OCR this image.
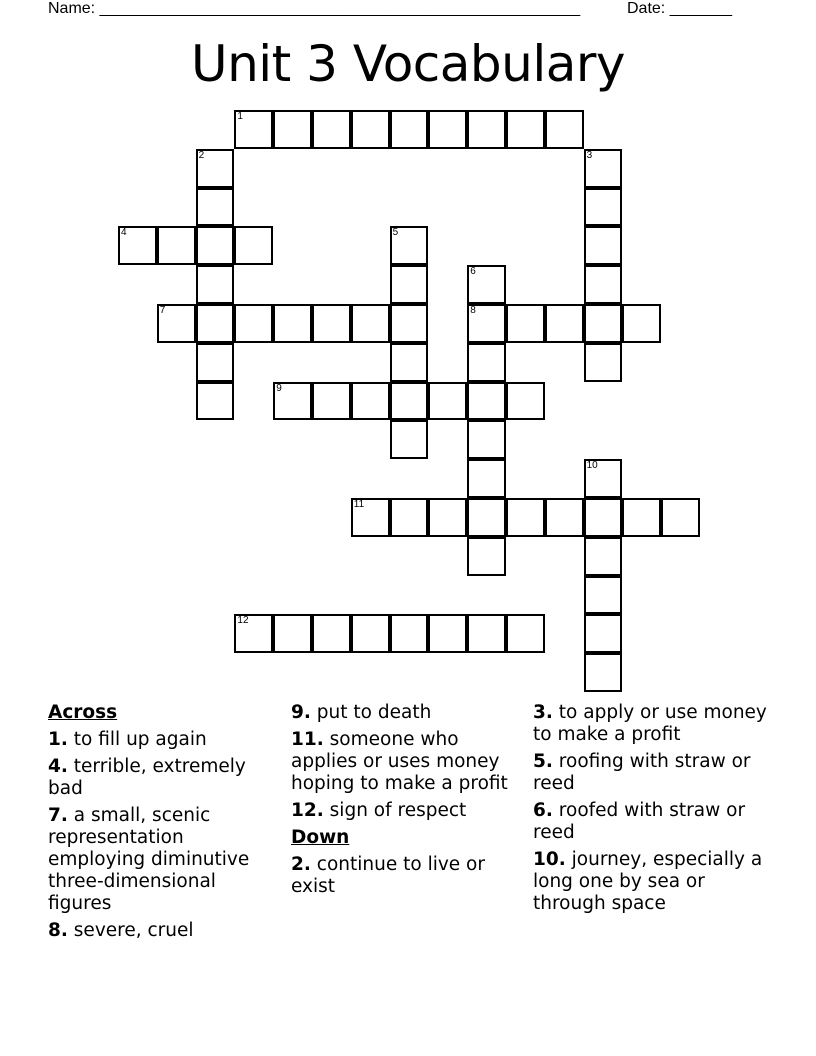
Name: ______________________________________________________	Date: _______
Unit 3 Vocabulary
1
2	3
4	5
6
8
7
9
10
11
12
Across
1. to fill up again
4. terrible, extremely bad
7. a small, scenic representation employing diminutive three-dimensional figures
8. severe, cruel
9. put to death
11. someone who applies or uses money hoping to make a profit
12. sign of respect
Down
2. continue to live or exist
3. to apply or use money to make a profit
5. roofing with straw or reed
6. roofed with straw or reed
10. journey, especially a long one by sea or through space
